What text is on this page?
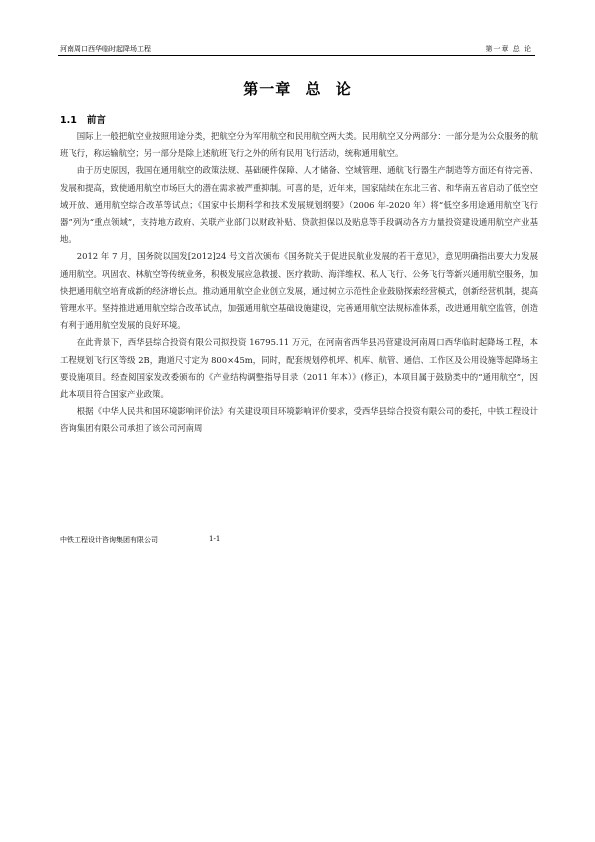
河南周口西华临时起降场工程	第一章 总 论
第一章 总 论
1.1 前言

国际上一般把航空业按照用途分类，把航空分为军用航空和民用航空两大类。民用航空又分两部分：一部分是为公众服务的航班飞行，称运输航空；另一部分是除上述航班飞行之外的所有民用飞行活动，统称通用航空。

由于历史原因，我国在通用航空的政策法规、基础硬件保障、人才储备、空域管理、通航飞行器生产制造等方面还有待完善、发展和提高，致使通用航空市场巨大的潜在需求被严重抑制。可喜的是，近年来，国家陆续在东北三省、和华南五省启动了低空空域开放、通用航空综合改革等试点；《国家中长期科学和技术发展规划纲要》（2006 年-2020 年）将“低空多用途通用航空飞行器”列为“重点领域”，支持地方政府、关联产业部门以财政补贴、贷款担保以及贴息等手段调动各方力量投资建设通用航空产业基地。

2012 年 7 月，国务院以国发[2012]24 号文首次颁布《国务院关于促进民航业发展的若干意见》，意见明确指出要大力发展通用航空。巩固农、林航空等传统业务，积极发展应急救援、医疗救助、海洋维权、私人飞行、公务飞行等新兴通用航空服务，加快把通用航空培育成新的经济增长点。推动通用航空企业创立发展，通过树立示范性企业鼓励探索经营模式，创新经营机制，提高管理水平。坚持推进通用航空综合改革试点，加强通用航空基础设施建设，完善通用航空法规标准体系，改进通用航空监管，创造有利于通用航空发展的良好环境。

在此背景下，西华县综合投资有限公司拟投资 16795.11 万元，在河南省西华县冯营建设河南周口西华临时起降场工程，本工程规划飞行区等级 2B，跑道尺寸定为 800×45m，同时，配套规划停机坪、机库、航管、通信、工作区及公用设施等起降场主要设施项目。经查阅国家发改委颁布的《产业结构调整指导目录（2011 年本）》(修正)，本项目属于鼓励类中的“通用航空”，因此本项目符合国家产业政策。

根据《中华人民共和国环境影响评价法》有关建设项目环境影响评价要求，受西华县综合投资有限公司的委托，中铁工程设计咨询集团有限公司承担了该公司河南周

中铁工程设计咨询集团有限公司	1-1
